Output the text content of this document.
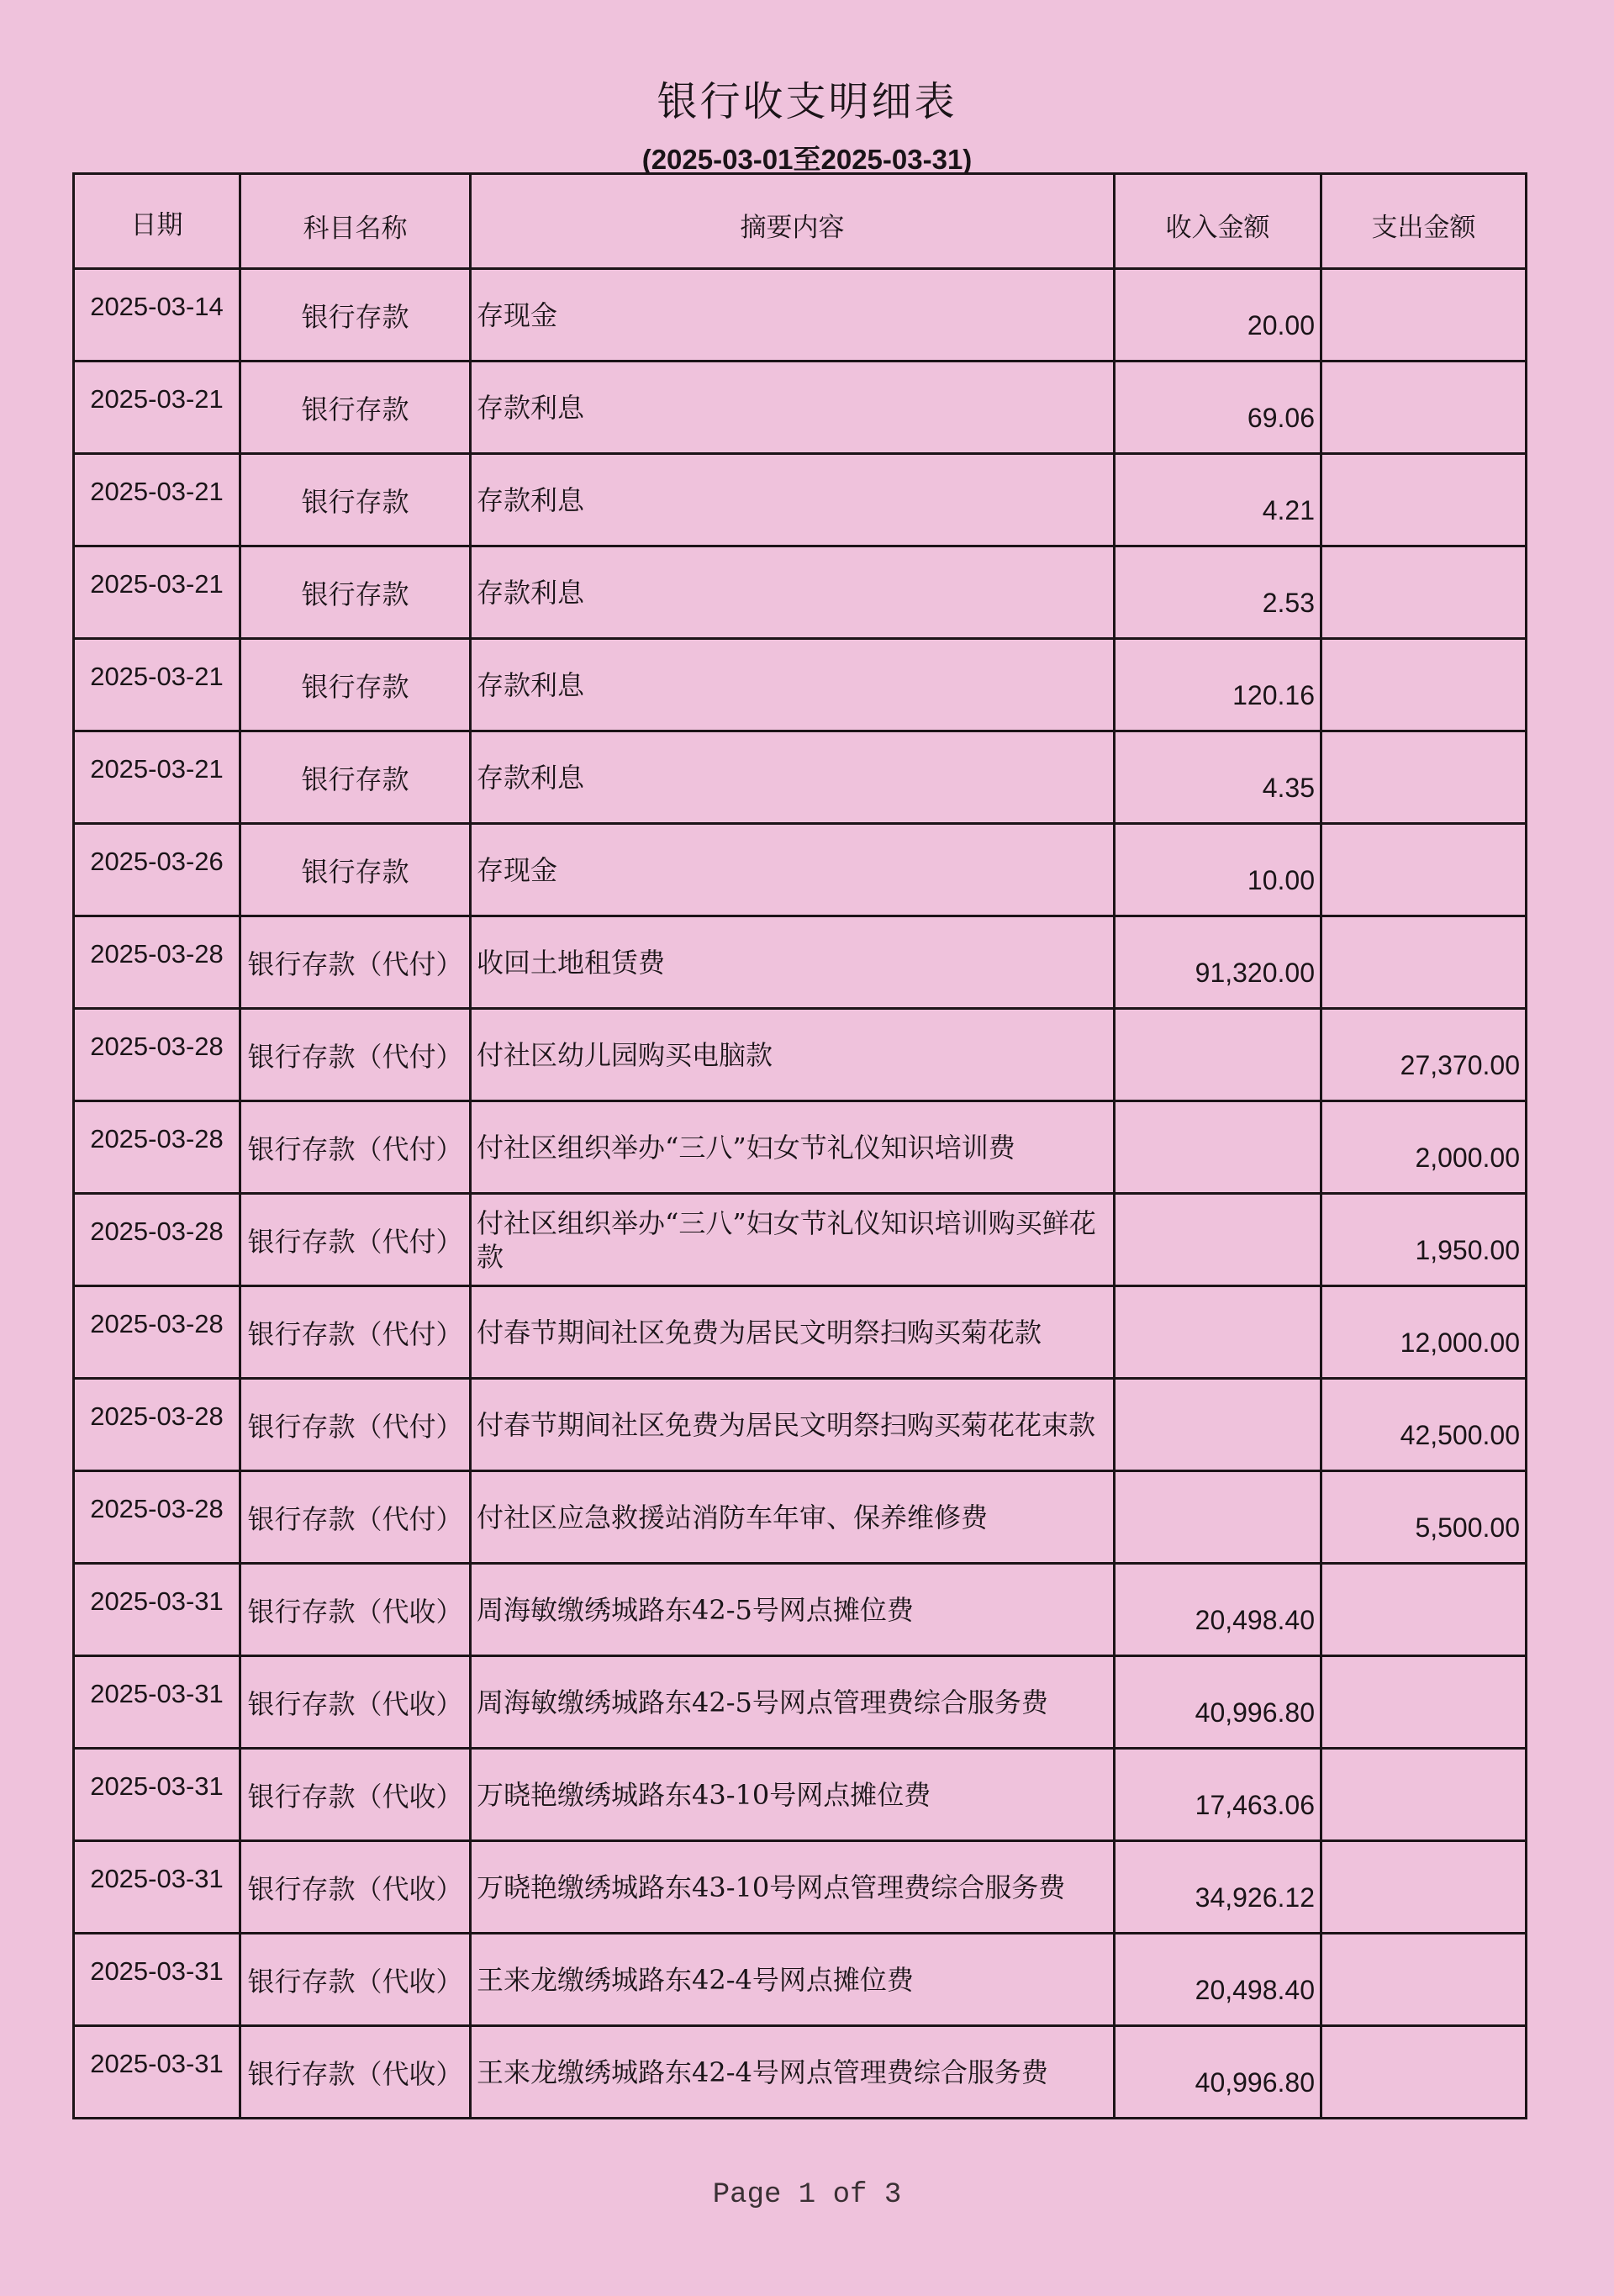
银行收支明细表
(2025-03-01至2025-03-31)
日期	科目名称	摘要内容	收入金额	支出金额
2025-03-14	银行存款	存现金	20.00	
2025-03-21	银行存款	存款利息	69.06	
2025-03-21	银行存款	存款利息	4.21	
2025-03-21	银行存款	存款利息	2.53	
2025-03-21	银行存款	存款利息	120.16	
2025-03-21	银行存款	存款利息	4.35	
2025-03-26	银行存款	存现金	10.00	
2025-03-28	银行存款（代付）	收回土地租赁费	91,320.00	
2025-03-28	银行存款（代付）	付社区幼儿园购买电脑款		27,370.00
2025-03-28	银行存款（代付）	付社区组织举办“三八”妇女节礼仪知识培训费		2,000.00
2025-03-28	银行存款（代付）	付社区组织举办“三八”妇女节礼仪知识培训购买鲜花款		1,950.00
2025-03-28	银行存款（代付）	付春节期间社区免费为居民文明祭扫购买菊花款		12,000.00
2025-03-28	银行存款（代付）	付春节期间社区免费为居民文明祭扫购买菊花花束款		42,500.00
2025-03-28	银行存款（代付）	付社区应急救援站消防车年审、保养维修费		5,500.00
2025-03-31	银行存款（代收）	周海敏缴绣城路东42-5号网点摊位费	20,498.40	
2025-03-31	银行存款（代收）	周海敏缴绣城路东42-5号网点管理费综合服务费	40,996.80	
2025-03-31	银行存款（代收）	万晓艳缴绣城路东43-10号网点摊位费	17,463.06	
2025-03-31	银行存款（代收）	万晓艳缴绣城路东43-10号网点管理费综合服务费	34,926.12	
2025-03-31	银行存款（代收）	王来龙缴绣城路东42-4号网点摊位费	20,498.40	
2025-03-31	银行存款（代收）	王来龙缴绣城路东42-4号网点管理费综合服务费	40,996.80	
Page 1 of 3
